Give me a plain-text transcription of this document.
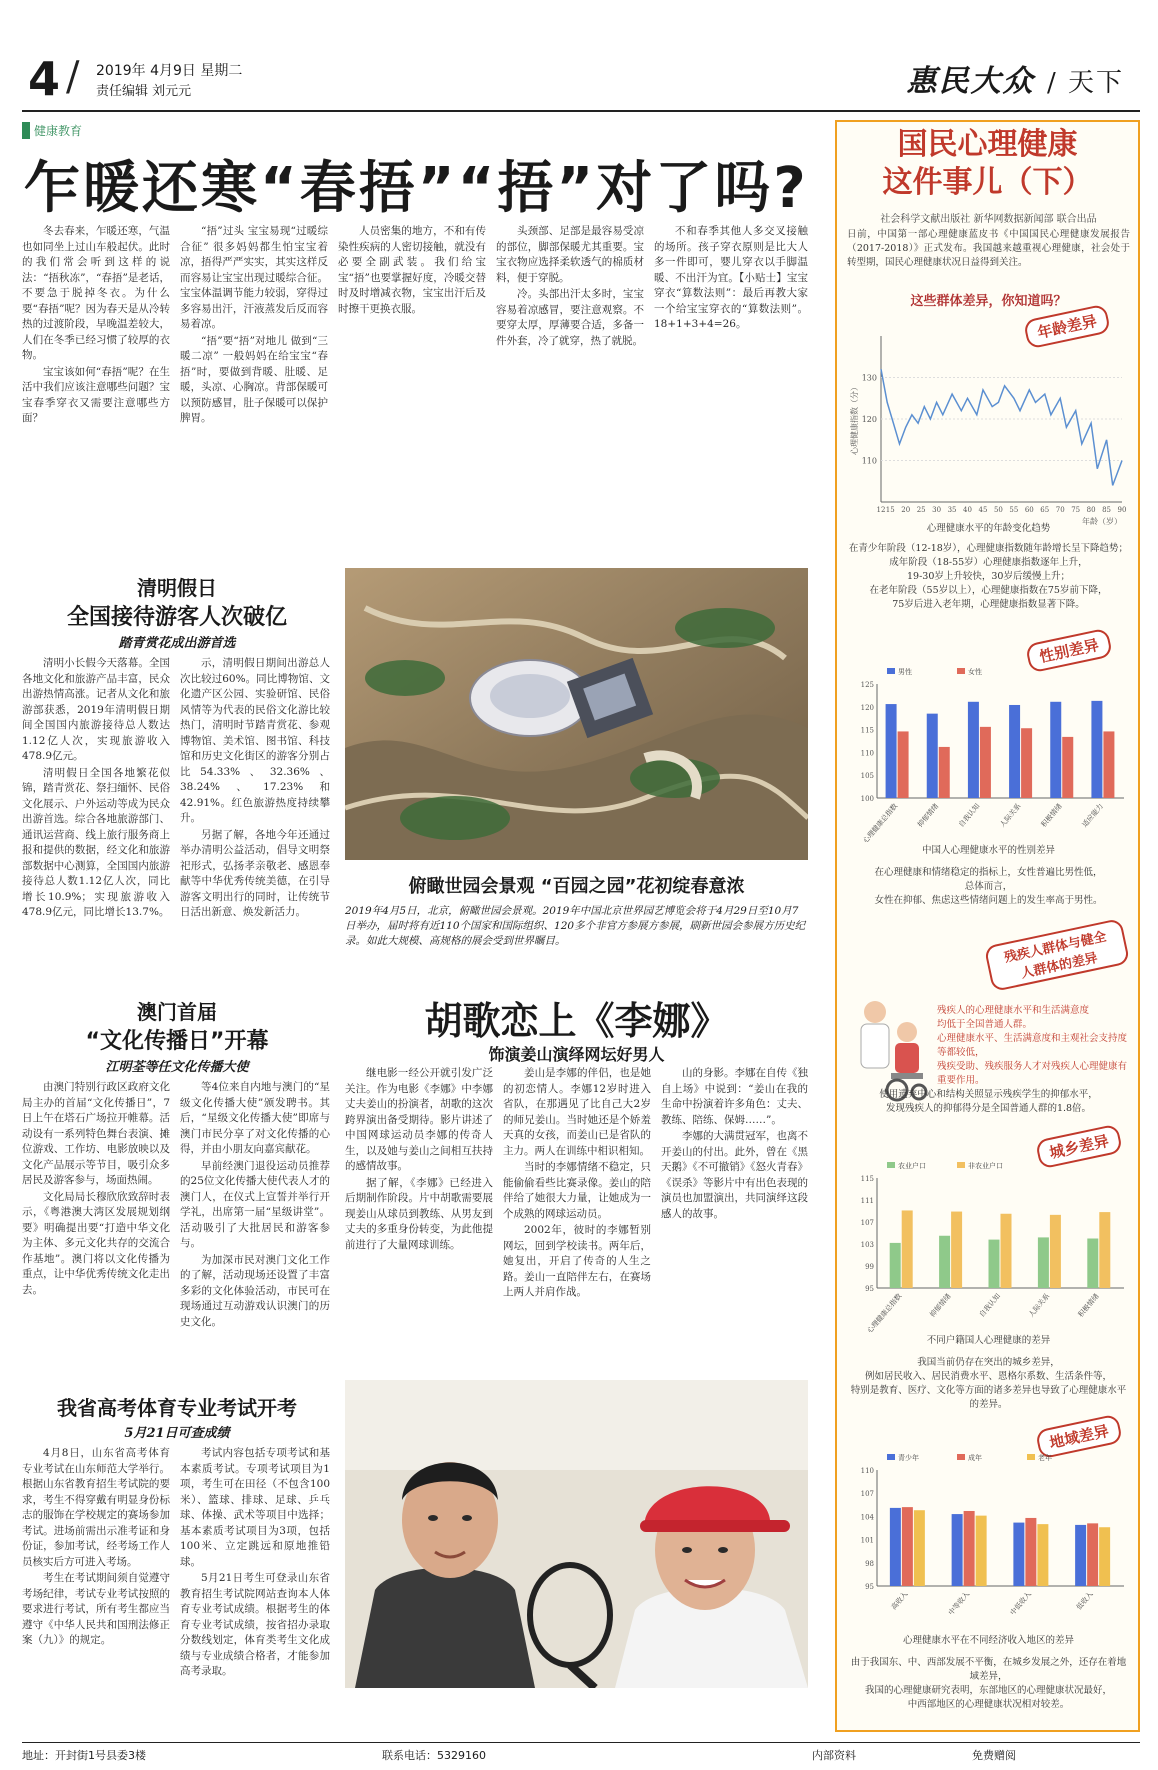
4 / 2019年 4月9日 星期二
责任编辑 刘元元	惠民大众 / 天下
健康教育
乍暖还寒“春捂”“捂”对了吗?

冬去春来，乍暖还寒，气温也如同坐上过山车般起伏。此时的我们常会听到这样的说法：“捂秋冻”，“春捂”是老话，不要急于脱掉冬衣。为什么要“春捂”呢？因为春天是从冷转热的过渡阶段，早晚温差较大，人们在冬季已经习惯了较厚的衣物。

宝宝该如何“春捂”呢？在生活中我们应该注意哪些问题？宝宝春季穿衣又需要注意哪些方面？

“捂”过头 宝宝易现“过暖综合征” 很多妈妈都生怕宝宝着凉，捂得严严实实，其实这样反而容易让宝宝出现过暖综合征。宝宝体温调节能力较弱，穿得过多容易出汗，汗液蒸发后反而容易着凉。

“捂”要“捂”对地儿 做到“三暖二凉” 一般妈妈在给宝宝“春捂”时，要做到背暖、肚暖、足暖，头凉、心胸凉。背部保暖可以预防感冒，肚子保暖可以保护脾胃。

人员密集的地方，不和有传染性疾病的人密切接触，就没有必要全副武装。我们给宝宝“捂”也要掌握好度，冷暖交替时及时增减衣物，宝宝出汗后及时擦干更换衣服。

头颈部、足部是最容易受凉的部位，脚部保暖尤其重要。宝宝衣物应选择柔软透气的棉质材料，便于穿脱。

冷。头部出汗太多时，宝宝容易着凉感冒，要注意观察。不要穿太厚，厚薄要合适，多备一件外套，冷了就穿，热了就脱。

不和春季其他人多交叉接触的场所。孩子穿衣原则是比大人多一件即可，婴儿穿衣以手脚温暖、不出汗为宜。【小贴士】宝宝穿衣“算数法则”：最后再教大家一个给宝宝穿衣的“算数法则”。18+1+3+4=26。

清明假日
全国接待游客人次破亿
踏青赏花成出游首选

清明小长假今天落幕。全国各地文化和旅游产品丰富，民众出游热情高涨。记者从文化和旅游部获悉，2019年清明假日期间全国国内旅游接待总人数达1.12亿人次，实现旅游收入478.9亿元。

清明假日全国各地繁花似锦，踏青赏花、祭扫缅怀、民俗文化展示、户外运动等成为民众出游首选。综合各地旅游部门、通讯运营商、线上旅行服务商上报和提供的数据，经文化和旅游部数据中心测算，全国国内旅游接待总人数1.12亿人次，同比增长10.9%；实现旅游收入478.9亿元，同比增长13.7%。

示，清明假日期间出游总人次比较过60%。同比博物馆、文化遗产区公园、实验研馆、民俗风情等为代表的民俗文化游比较热门，清明时节踏青赏花、参观博物馆、美术馆、图书馆、科技馆和历史文化街区的游客分别占比54.33%、32.36%、38.24%、17.23%和42.91%。红色旅游热度持续攀升。

另据了解，各地今年还通过举办清明公益活动，倡导文明祭祀形式，弘扬孝亲敬老、感恩奉献等中华优秀传统美德，在引导游客文明出行的同时，让传统节日活出新意、焕发新活力。

俯瞰世园会景观 “百园之园”花初绽春意浓
2019年4月5日，北京，俯瞰世园会景观。2019年中国北京世界园艺博览会将于4月29日至10月7日举办，届时将有近110个国家和国际组织、120多个非官方参展方参展，刷新世园会参展方历史纪录。如此大规模、高规格的展会受到世界瞩目。
澳门首届
“文化传播日”开幕
江明荃等任文化传播大使

由澳门特别行政区政府文化局主办的首届“文化传播日”，7日上午在塔石广场拉开帷幕。活动设有一系列特色舞台表演、摊位游戏、工作坊、电影放映以及文化产品展示等节目，吸引众多居民及游客参与，场面热闹。

文化局局长穆欣欣致辞时表示，《粤港澳大湾区发展规划纲要》明确提出要“打造中华文化为主体、多元文化共存的交流合作基地”。澳门将以文化传播为重点，让中华优秀传统文化走出去。

等4位来自内地与澳门的“星级文化传播大使”颁发聘书。其后，“星级文化传播大使”即席与澳门市民分享了对文化传播的心得，并由小朋友向嘉宾献花。

早前经澳门退役运动员推荐的25位文化传播大使代表人才的澳门人，在仪式上宣誓并举行开学礼，出席第一届“星级讲堂”。活动吸引了大批居民和游客参与。

为加深市民对澳门文化工作的了解，活动现场还设置了丰富多彩的文化体验活动，市民可在现场通过互动游戏认识澳门的历史文化。

胡歌恋上《李娜》
饰演姜山演绎网坛好男人

继电影一经公开就引发广泛关注。作为电影《李娜》中李娜丈夫姜山的扮演者，胡歌的这次跨界演出备受期待。影片讲述了中国网球运动员李娜的传奇人生，以及她与姜山之间相互扶持的感情故事。

据了解，《李娜》已经进入后期制作阶段。片中胡歌需要展现姜山从球员到教练、从男友到丈夫的多重身份转变，为此他提前进行了大量网球训练。

姜山是李娜的伴侣，也是她的初恋情人。李娜12岁时进入省队，在那遇见了比自己大2岁的师兄姜山。当时她还是个娇羞天真的女孩，而姜山已是省队的主力。两人在训练中相识相知。

当时的李娜情绪不稳定，只能偷偷看些比赛录像。姜山的陪伴给了她很大力量，让她成为一个成熟的网球运动员。

2002年，彼时的李娜暂别网坛，回到学校读书。两年后，她复出，开启了传奇的人生之路。姜山一直陪伴左右，在赛场上两人并肩作战。

山的身影。李娜在自传《独自上场》中说到：“姜山在我的生命中扮演着许多角色：丈夫、教练、陪练、保姆……”。

李娜的大满贯冠军，也离不开姜山的付出。此外，曾在《黑天鹅》《不可撤销》《怒火青春》《误杀》等影片中有出色表现的演员也加盟演出，共同演绎这段感人的故事。

我省高考体育专业考试开考
5月21日可查成绩

4月8日，山东省高考体育专业考试在山东师范大学举行。根据山东省教育招生考试院的要求，考生不得穿戴有明显身份标志的服饰在学校规定的赛场参加考试。进场前需出示准考证和身份证，参加考试，经考场工作人员核实后方可进入考场。

考生在考试期间须自觉遵守考场纪律，考试专业考试按照的要求进行考试，所有考生都应当遵守《中华人民共和国刑法修正案（九）》的规定。

考试内容包括专项考试和基本素质考试。专项考试项目为1项，考生可在田径（不包含100米）、篮球、排球、足球、乒乓球、体操、武术等项目中选择；基本素质考试项目为3项，包括100米、立定跳远和原地推铅球。

5月21日考生可登录山东省教育招生考试院网站查询本人体育专业考试成绩。根据考生的体育专业考试成绩，按省招办录取分数线划定，体育类考生文化成绩与专业成绩合格者，才能参加高考录取。

国民心理健康
这件事儿（下）
社会科学文献出版社 新华网数据新闻部 联合出品
日前，中国第一部心理健康蓝皮书《中国国民心理健康发展报告（2017-2018）》正式发布。我国越来越重视心理健康，社会处于转型期，国民心理健康状况日益得到关注。
这些群体差异，你知道吗？
年龄差异
110
120
130
12 15 20 25 30 35 40 45 50 55 60 65 70 75 80 85 90
心理健康指数（分）
年龄（岁）
心理健康水平的年龄变化趋势
在青少年阶段（12-18岁），心理健康指数随年龄增长呈下降趋势；
成年阶段（18-55岁）心理健康指数逐年上升，
19-30岁上升较快，30岁后缓慢上升；
在老年阶段（55岁以上），心理健康指数在75岁前下降，
75岁后进入老年期，心理健康指数显著下降。
性别差异
100
105
110
115
120
125
男性	女性
心理健康总指数 抑郁情绪 自我认知 人际关系 积极情绪 适应能力
中国人心理健康水平的性别差异
在心理健康和情绪稳定的指标上，女性普遍比男性低，
总体而言，
女性在抑郁、焦虑这些情绪问题上的发生率高于男性。
残疾人群体与健全人群体的差异
残疾人的心理健康水平和生活满意度
均低于全国普通人群。
心理健康水平、生活满意度和主观社会支持度等都较低，
残疾受助、残疾服务人才对残疾人心理健康有重要作用。
使用遗弃中心和结构关照显示残疾学生的抑郁水平，
发现残疾人的抑郁得分是全国普通人群的1.8倍。
城乡差异
95
99
103
107
111
115
农业户口	非农业户口
心理健康总指数	抑郁情绪	自我认知	人际关系	积极情绪
不同户籍国人心理健康的差异
我国当前仍存在突出的城乡差异，
例如居民收入、居民消费水平、恩格尔系数、生活条件等，
特别是教育、医疗、文化等方面的诸多差异也导致了心理健康水平的差异。
地域差异
95
98
101
104
107
110
青少年	成年	老年
高收入	中等收入	中低收入	低收入
心理健康水平在不同经济收入地区的差异
由于我国东、中、西部发展不平衡，在城乡发展之外，还存在着地域差异，
我国的心理健康研究表明，东部地区的心理健康状况最好，
中西部地区的心理健康状况相对较差。
地址：开封街1号县委3楼	联系电话：5329160	内部资料	免费赠阅
